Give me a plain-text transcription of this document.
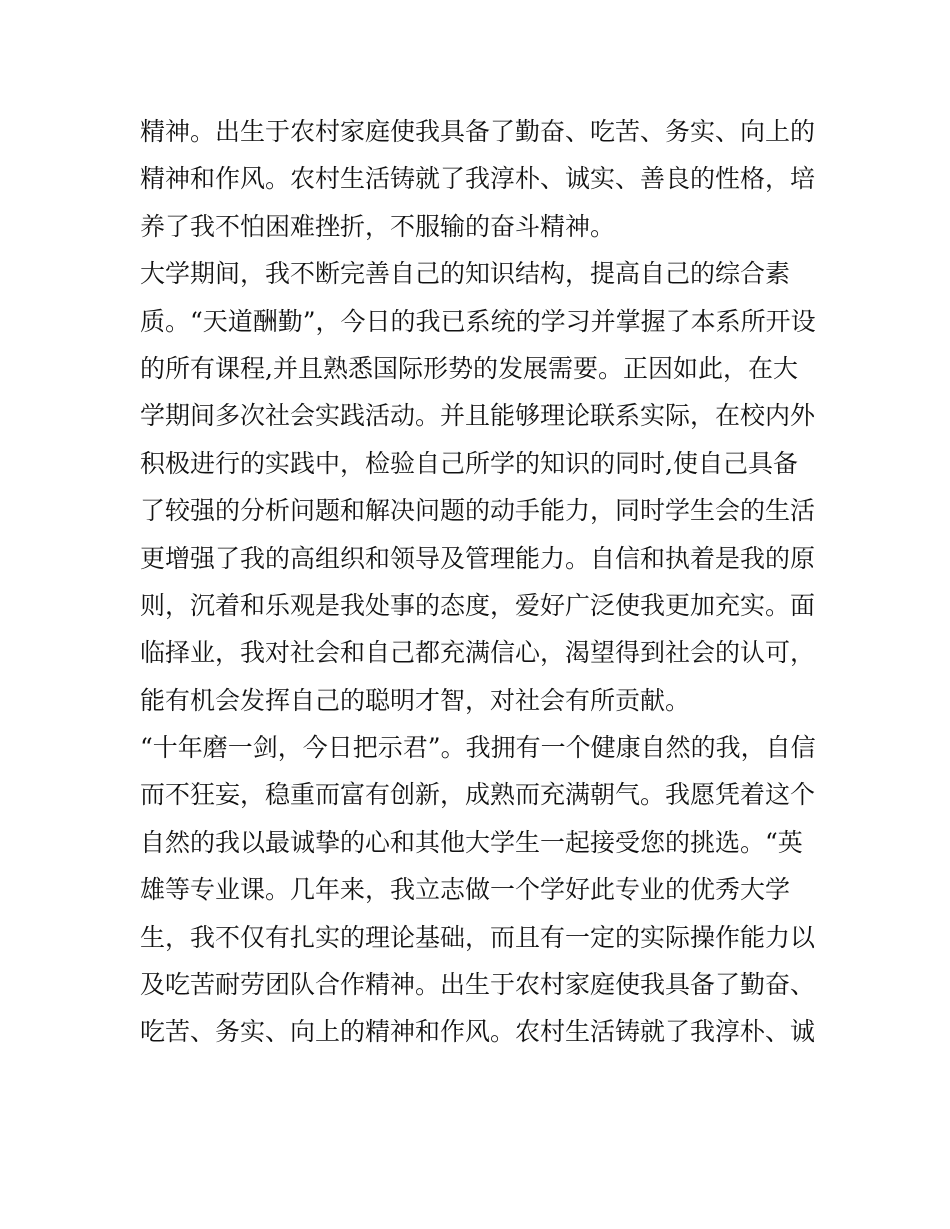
精神。出生于农村家庭使我具备了勤奋、吃苦、务实、向上的
精神和作风。农村生活铸就了我淳朴、诚实、善良的性格，培
养了我不怕困难挫折，不服输的奋斗精神。
大学期间，我不断完善自己的知识结构，提高自己的综合素
质。“天道酬勤”，今日的我已系统的学习并掌握了本系所开设
的所有课程,并且熟悉国际形势的发展需要。正因如此，在大
学期间多次社会实践活动。并且能够理论联系实际，在校内外
积极进行的实践中，检验自己所学的知识的同时,使自己具备
了较强的分析问题和解决问题的动手能力，同时学生会的生活
更增强了我的高组织和领导及管理能力。自信和执着是我的原
则，沉着和乐观是我处事的态度，爱好广泛使我更加充实。面
临择业，我对社会和自己都充满信心，渴望得到社会的认可，
能有机会发挥自己的聪明才智，对社会有所贡献。
“十年磨一剑，今日把示君”。我拥有一个健康自然的我，自信
而不狂妄，稳重而富有创新，成熟而充满朝气。我愿凭着这个
自然的我以最诚挚的心和其他大学生一起接受您的挑选。“英
雄等专业课。几年来，我立志做一个学好此专业的优秀大学
生，我不仅有扎实的理论基础，而且有一定的实际操作能力以
及吃苦耐劳团队合作精神。出生于农村家庭使我具备了勤奋、
吃苦、务实、向上的精神和作风。农村生活铸就了我淳朴、诚
